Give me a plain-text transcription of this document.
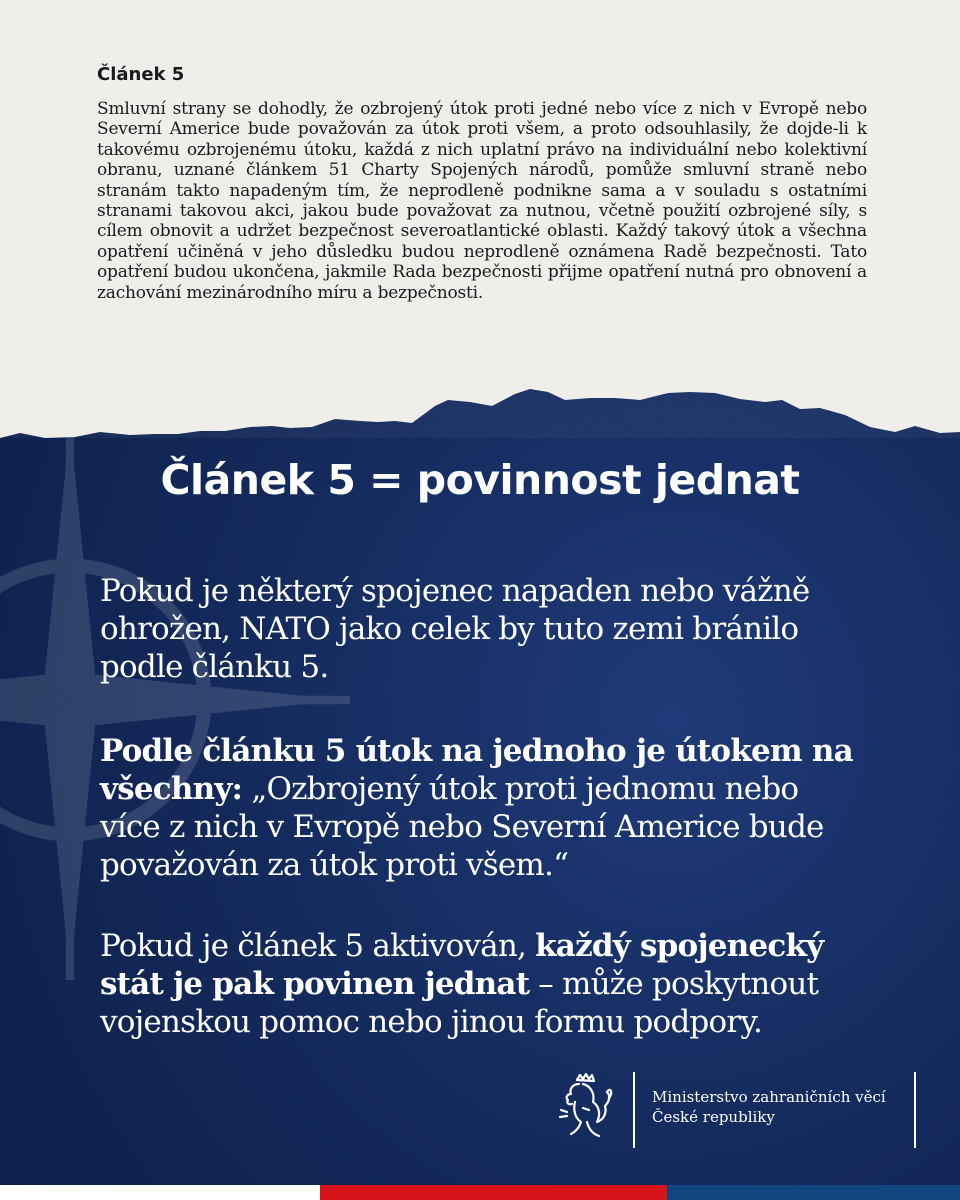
Článek 5

Smluvní strany se dohodly, že ozbrojený útok proti jedné nebo více z nich v Evropě nebo Severní Americe bude považován za útok proti všem, a proto odsouhlasily, že dojde-li k takovému ozbrojenému útoku, každá z nich uplatní právo na individuální nebo kolektivní obranu, uznané článkem 51 Charty Spojených národů, pomůže smluvní straně nebo stranám takto napadeným tím, že neprodleně podnikne sama a v souladu s ostatními stranami takovou akci, jakou bude považovat za nutnou, včetně použití ozbrojené síly, s cílem obnovit a udržet bezpečnost severoatlantické oblasti. Každý takový útok a všechna opatření učiněná v jeho důsledku budou neprodleně oznámena Radě bezpečnosti. Tato opatření budou ukončena, jakmile Rada bezpečnosti přijme opatření nutná pro obnovení a zachování mezinárodního míru a bezpečnosti.

Článek 5 = povinnost jednat

Pokud je některý spojenec napaden nebo vážně ohrožen, NATO jako celek by tuto zemi bránilo podle článku 5.

Podle článku 5 útok na jednoho je útokem na všechny: „Ozbrojený útok proti jednomu nebo více z nich v Evropě nebo Severní Americe bude považován za útok proti všem.“

Pokud je článek 5 aktivován, každý spojenecký stát je pak povinen jednat – může poskytnout vojenskou pomoc nebo jinou formu podpory.

Ministerstvo zahraničních věcí
České republiky
